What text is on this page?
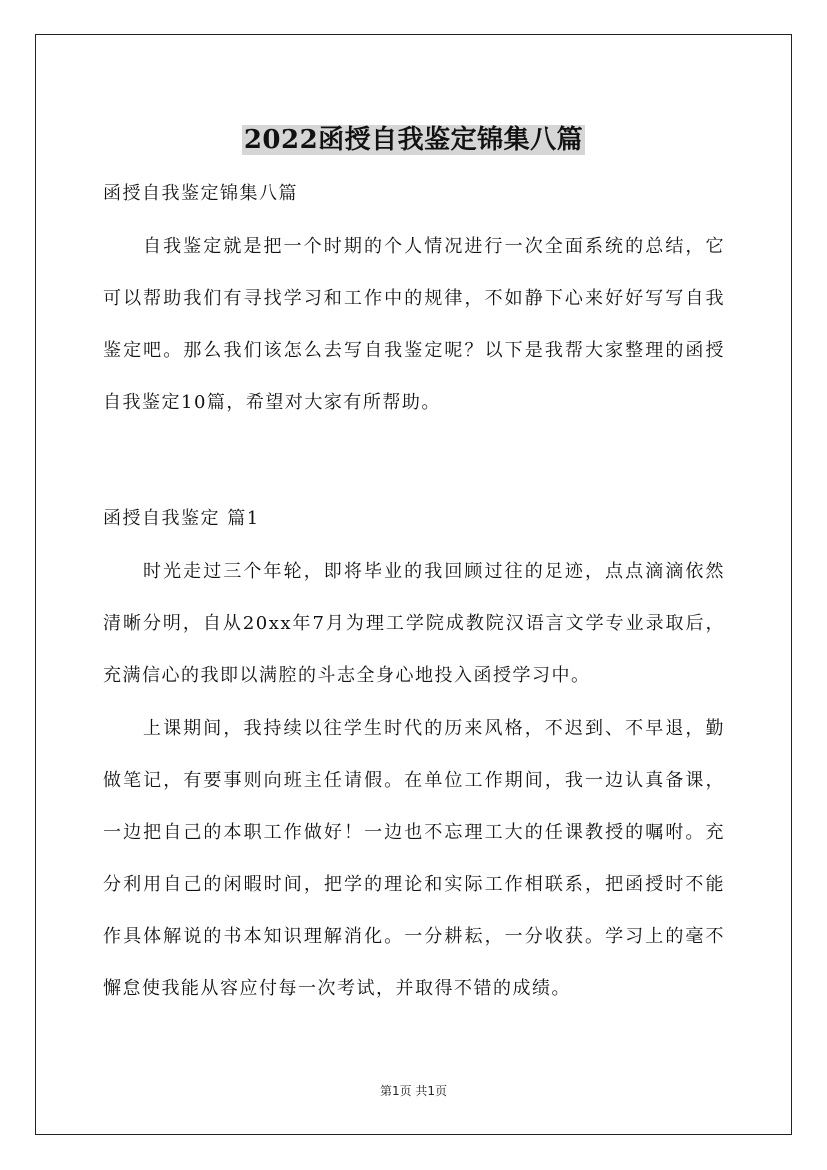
2022函授自我鉴定锦集八篇

函授自我鉴定锦集八篇

自我鉴定就是把一个时期的个人情况进行一次全面系统的总结，它可以帮助我们有寻找学习和工作中的规律，不如静下心来好好写写自我鉴定吧。那么我们该怎么去写自我鉴定呢？以下是我帮大家整理的函授自我鉴定10篇，希望对大家有所帮助。

函授自我鉴定 篇1

时光走过三个年轮，即将毕业的我回顾过往的足迹，点点滴滴依然清晰分明，自从20xx年7月为理工学院成教院汉语言文学专业录取后，充满信心的我即以满腔的斗志全身心地投入函授学习中。

上课期间，我持续以往学生时代的历来风格，不迟到、不早退，勤做笔记，有要事则向班主任请假。在单位工作期间，我一边认真备课，一边把自己的本职工作做好！一边也不忘理工大的任课教授的嘱咐。充分利用自己的闲暇时间，把学的理论和实际工作相联系，把函授时不能作具体解说的书本知识理解消化。一分耕耘，一分收获。学习上的毫不懈怠使我能从容应付每一次考试，并取得不错的成绩。

第1页 共1页
